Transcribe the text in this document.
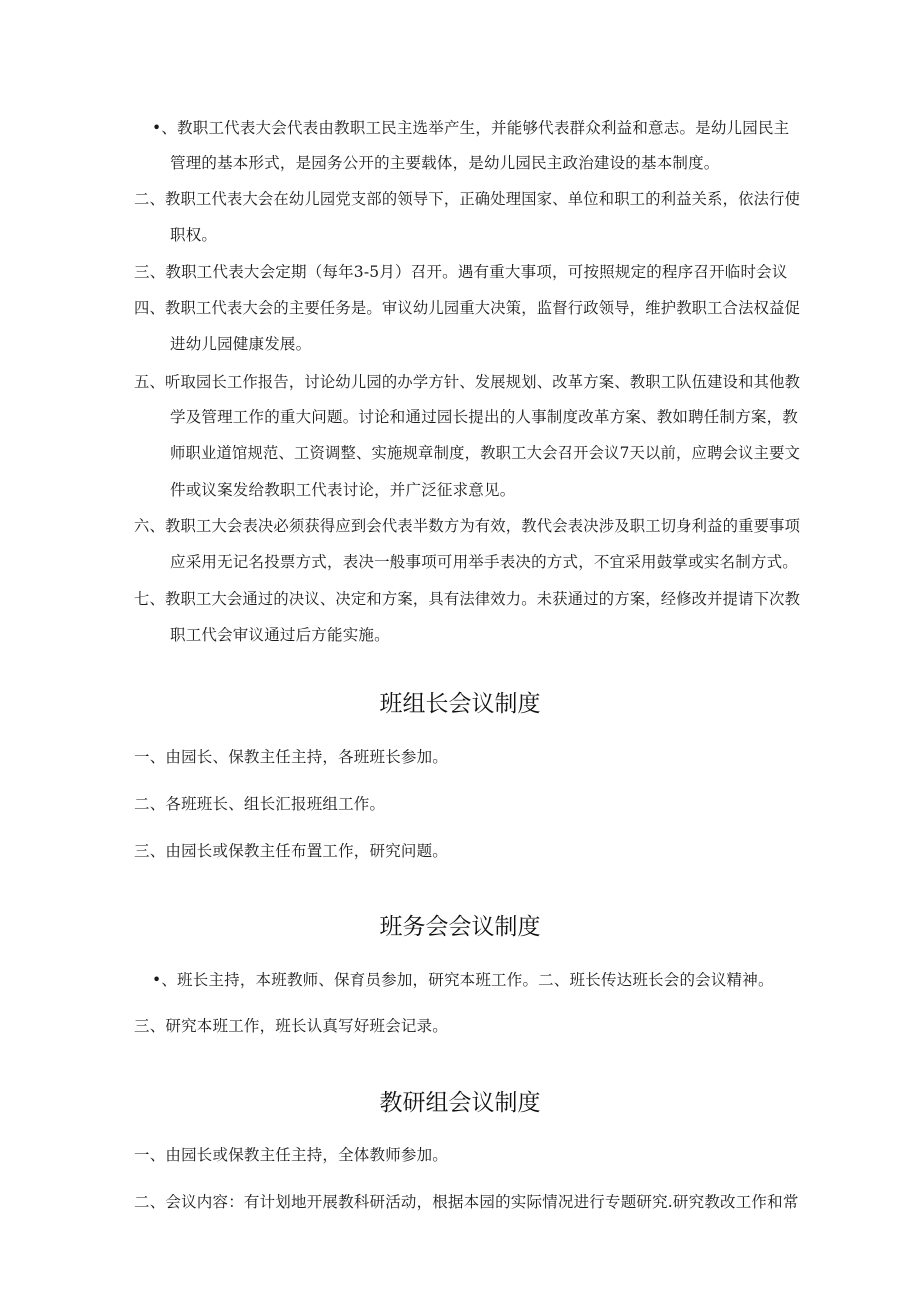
•、教职工代表大会代表由教职工民主选举产生，并能够代表群众利益和意志。是幼儿园民主
管理的基本形式，是园务公开的主要载体，是幼儿园民主政治建设的基本制度。
二、教职工代表大会在幼儿园党支部的领导下，正确处理国家、单位和职工的利益关系，依法行使
职权。
三、教职工代表大会定期（每年3-5月）召开。遇有重大事项，可按照规定的程序召开临时会议
四、教职工代表大会的主要任务是。审议幼儿园重大决策，监督行政领导，维护教职工合法权益促
进幼儿园健康发展。
五、听取园长工作报告，讨论幼儿园的办学方针、发展规划、改革方案、教职工队伍建设和其他教
学及管理工作的重大问题。讨论和通过园长提出的人事制度改革方案、教如聘任制方案，教
师职业道馆规范、工资调整、实施规章制度，教职工大会召开会议7天以前，应聘会议主要文
件或议案发给教职工代表讨论，并广泛征求意见。
六、教职工大会表决必须获得应到会代表半数方为有效，教代会表决涉及职工切身利益的重要事项
应采用无记名投票方式，表决一般事项可用举手表决的方式，不宜采用鼓掌或实名制方式。
七、教职工大会通过的决议、决定和方案，具有法律效力。未获通过的方案，经修改并提请下次教
职工代会审议通过后方能实施。
班组长会议制度
一、由园长、保教主任主持，各班班长参加。
二、各班班长、组长汇报班组工作。
三、由园长或保教主任布置工作，研究问题。
班务会会议制度
•、班长主持，本班教师、保育员参加，研究本班工作。二、班长传达班长会的会议精神。
三、研究本班工作，班长认真写好班会记录。
教研组会议制度
一、由园长或保教主任主持，全体教师参加。
二、会议内容：有计划地开展教科研活动，根据本园的实际情况进行专题研究.研究教改工作和常
